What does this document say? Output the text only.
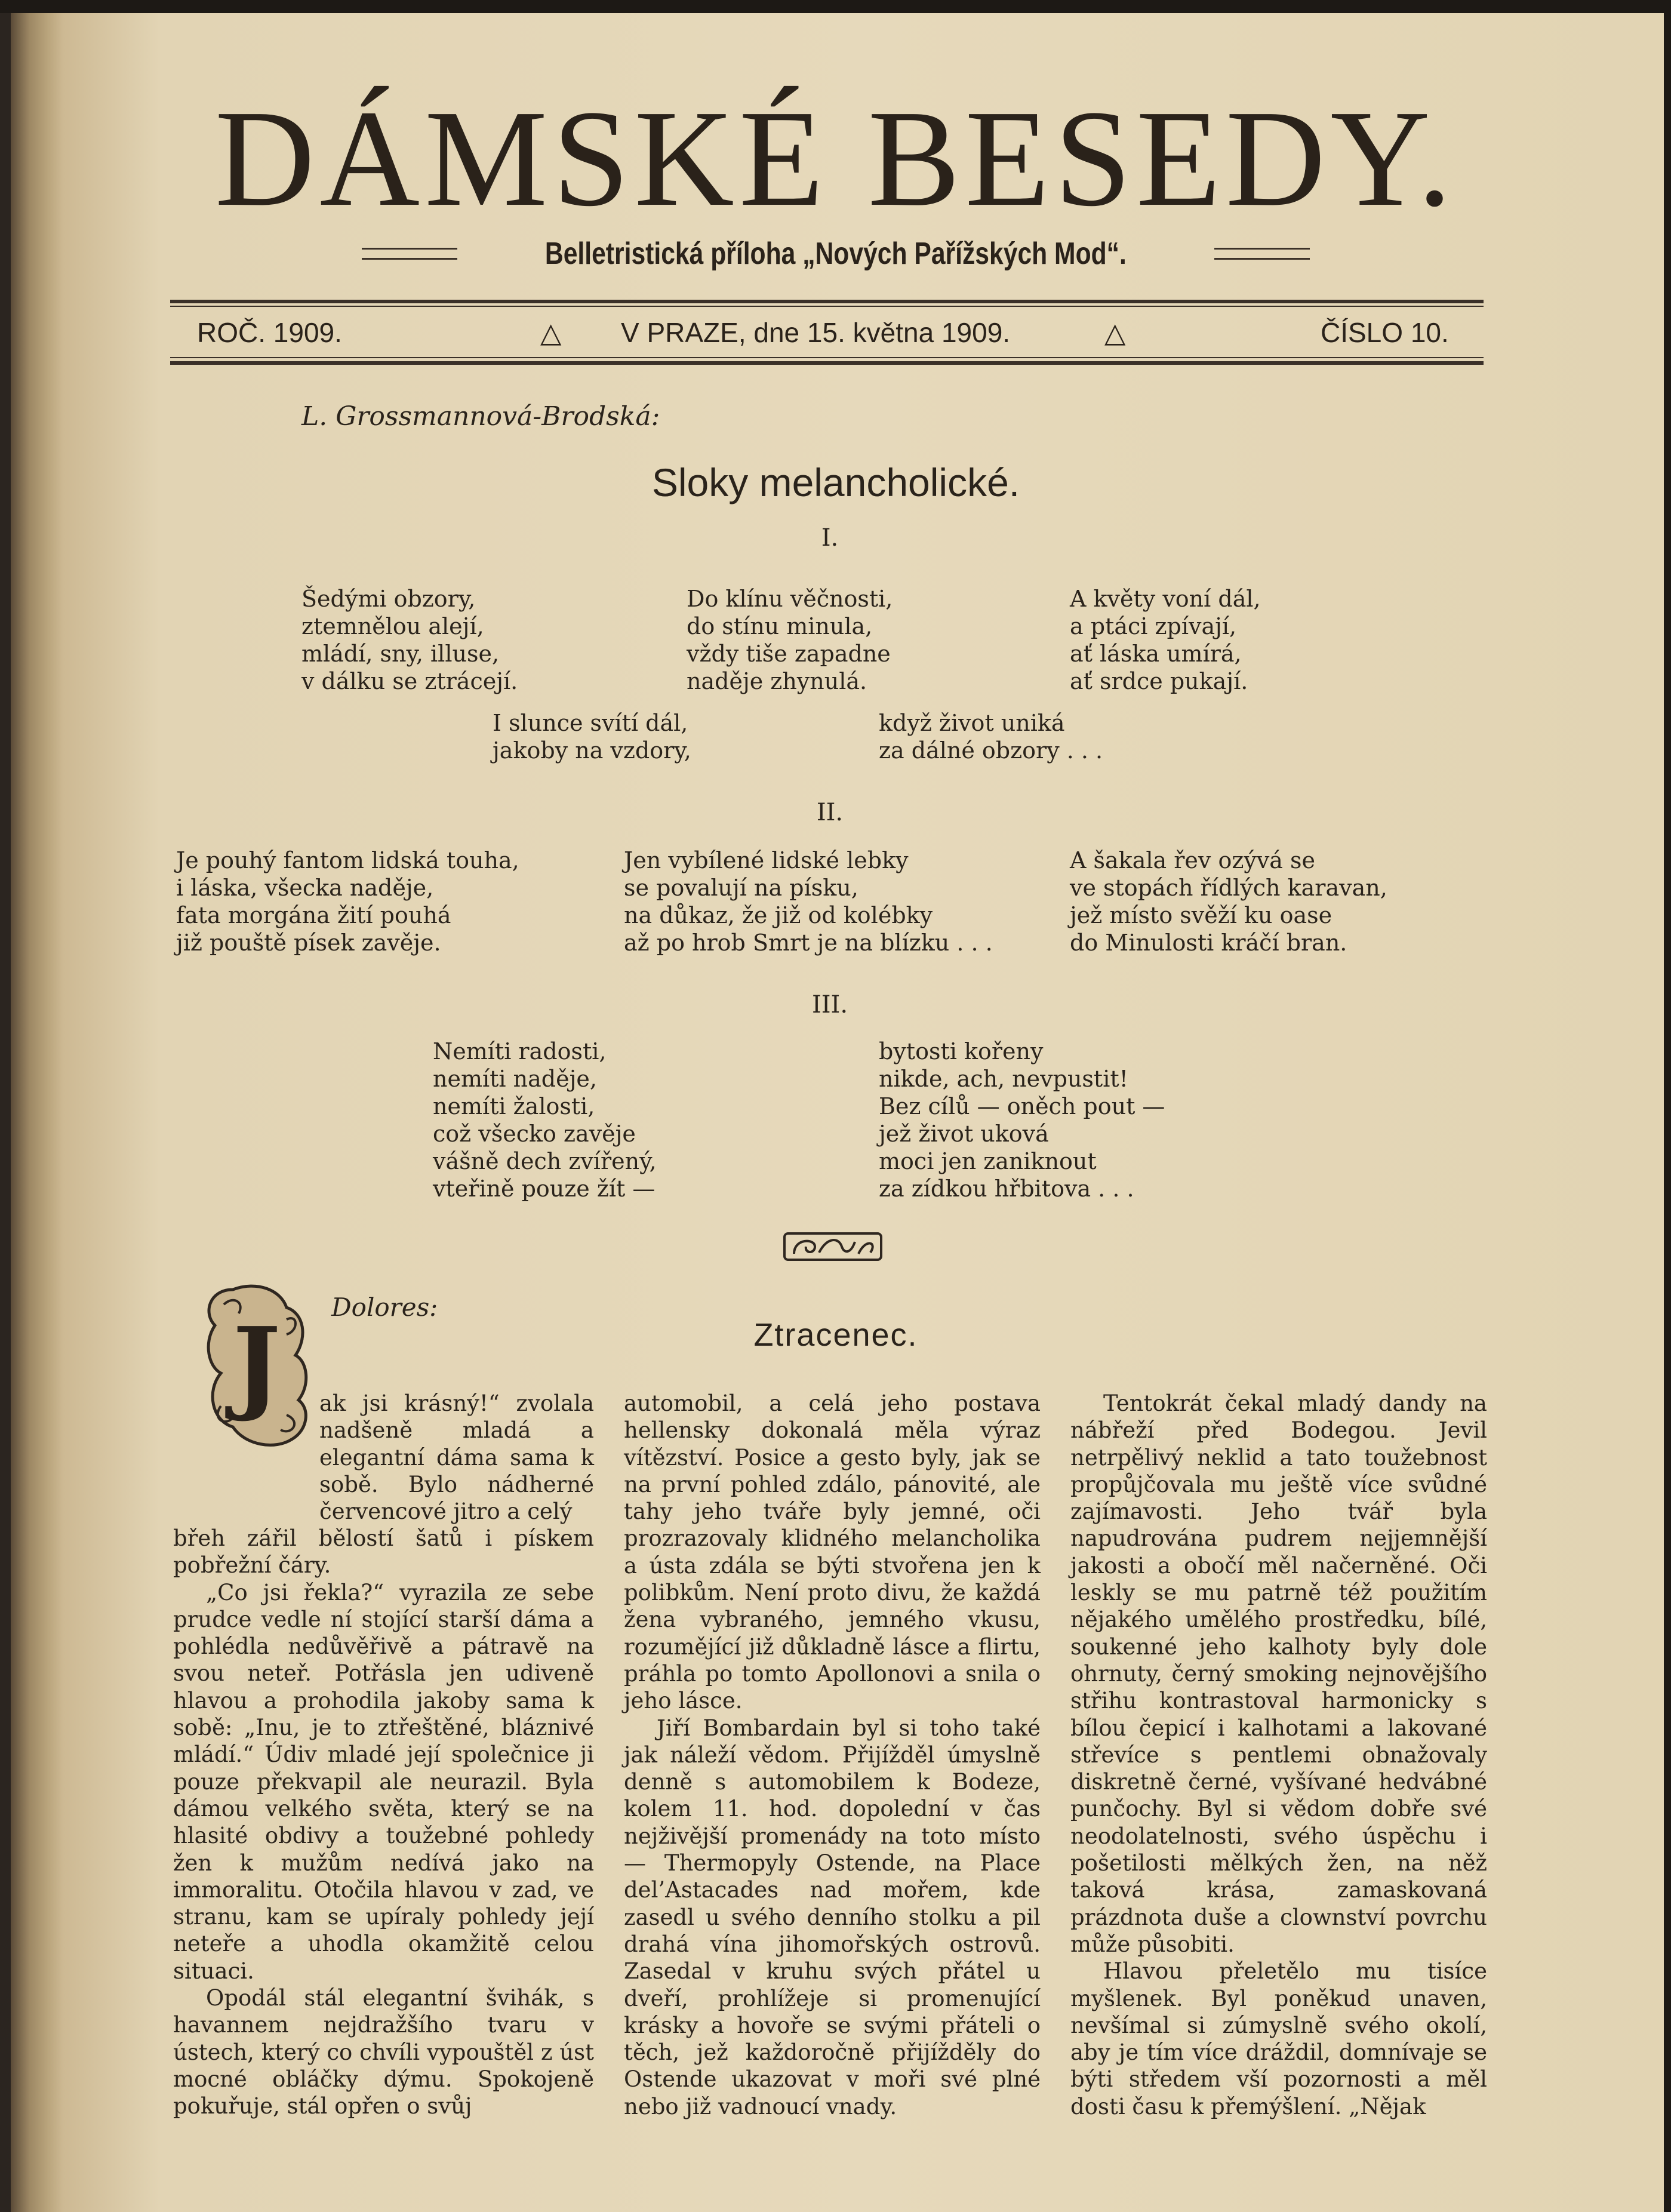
DÁMSKÉ BESEDY.
Belletristická příloha „Nových Pařížských Mod“.
ROČ. 1909.	△ V PRAZE, dne 15. května 1909.	△	ČÍSLO 10.
L. Grossmannová-Brodská:
Sloky melancholické.
I.
Šedými obzory,
ztemnělou alejí,
mládí, sny, illuse,
v dálku se ztrácejí.
Do klínu věčnosti,
do stínu minula,
vždy tiše zapadne
naděje zhynulá.
A květy voní dál,
a ptáci zpívají,
ať láska umírá,
ať srdce pukají.
I slunce svítí dál,
jakoby na vzdory,
když život uniká
za dálné obzory . . .
II.
Je pouhý fantom lidská touha,
i láska, všecka naděje,
fata morgána žití pouhá
již pouště písek zavěje.
Jen vybílené lidské lebky
se povalují na písku,
na důkaz, že již od kolébky
až po hrob Smrt je na blízku . . .
A šakala řev ozývá se
ve stopách řídlých karavan,
jež místo svěží ku oase
do Minulosti kráčí bran.
III.
Nemíti radosti,
nemíti naděje,
nemíti žalosti,
což všecko zavěje
vášně dech zvířený,
vteřině pouze žít —
bytosti kořeny
nikde, ach, nevpustit!
Bez cílů — oněch pout —
jež život uková
moci jen zaniknout
za zídkou hřbitova . . .
Dolores:
Ztracenec.
J ak jsi krásný!“ zvolala nadšeně mladá a elegantní dáma sama k sobě. Bylo nádherné červencové jitro a celý

břeh zářil bělostí šatů i pískem pobřežní čáry.

„Co jsi řekla?“ vyrazila ze sebe prudce vedle ní stojící starší dáma a pohlédla nedůvěřivě a pátravě na svou neteř. Potřásla jen udiveně hlavou a prohodila jakoby sama k sobě: „Inu, je to ztřeštěné, bláznivé mládí.“ Údiv mladé její společnice ji pouze překvapil ale neurazil. Byla dámou velkého světa, který se na hlasité obdivy a toužebné pohledy žen k mužům nedívá jako na immoralitu. Otočila hlavou v zad, ve stranu, kam se upíraly pohledy její neteře a uhodla okamžitě celou situaci.

Opodál stál elegantní švihák, s havannem nejdražšího tvaru v ústech, který co chvíli vypouštěl z úst mocné obláčky dýmu. Spokojeně pokuřuje, stál opřen o svůj

automobil, a celá jeho postava hellensky dokonalá měla výraz vítězství. Posice a gesto byly, jak se na první pohled zdálo, pánovité, ale tahy jeho tváře byly jemné, oči prozrazovaly klidného melancholika a ústa zdála se býti stvořena jen k polibkům. Není proto divu, že každá žena vybraného, jemného vkusu, rozumějící již důkladně lásce a flirtu, práhla po tomto Apollonovi a snila o jeho lásce.

Jiří Bombardain byl si toho také jak náleží vědom. Přijížděl úmyslně denně s automobilem k Bodeze, kolem 11. hod. dopolední v čas nejživější promenády na toto místo — Thermopyly Ostende, na Place del’Astacades nad mořem, kde zasedl u svého denního stolku a pil drahá vína jihomořských ostrovů. Zasedal v kruhu svých přátel u dveří, prohlížeje si promenující krásky a hovoře se svými přáteli o těch, jež každoročně přijížděly do Ostende ukazovat v moři své plné nebo již vadnoucí vnady.

Tentokrát čekal mladý dandy na nábřeží před Bodegou. Jevil netrpělivý neklid a tato toužebnost propůjčovala mu ještě více svůdné zajímavosti. Jeho tvář byla napudrována pudrem nejjemnější jakosti a obočí měl načerněné. Oči leskly se mu patrně též použitím nějakého umělého prostředku, bílé, soukenné jeho kalhoty byly dole ohrnuty, černý smoking nejnovějšího střihu kontrastoval harmonicky s bílou čepicí i kalhotami a lakované střevíce s pentlemi obnažovaly diskretně černé, vyšívané hedvábné punčochy. Byl si vědom dobře své neodolatelnosti, svého úspěchu i pošetilosti mělkých žen, na něž taková krása, zamaskovaná prázdnota duše a clownství povrchu může působiti.

Hlavou přeletělo mu tisíce myšlenek. Byl poněkud unaven, nevšímal si zúmyslně svého okolí, aby je tím více dráždil, domnívaje se býti středem vší pozornosti a měl dosti času k přemýšlení. „Nějak
